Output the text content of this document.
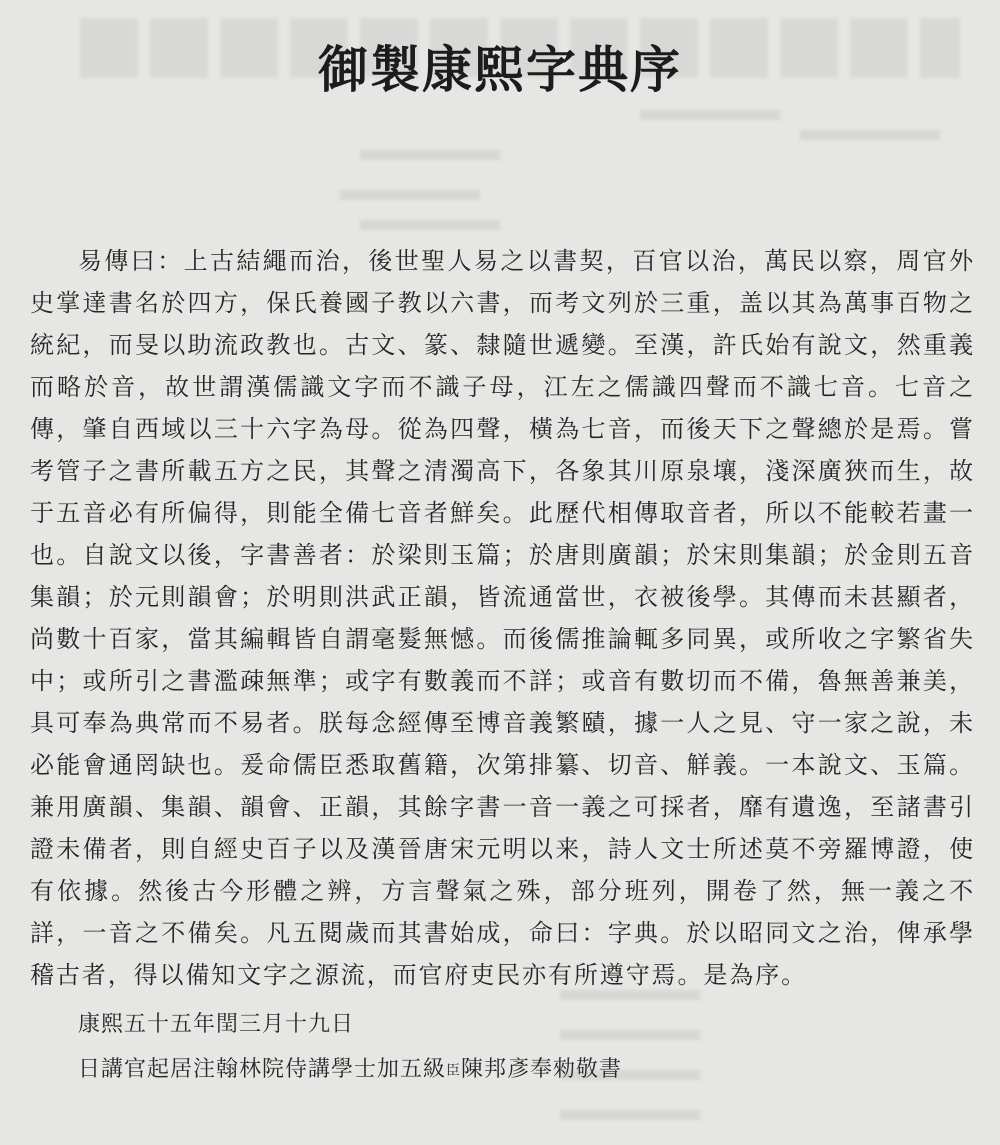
御製康熙字典序

易傳曰：上古結繩而治，後世聖人易之以書契，百官以治，萬民以察，周官外史掌達書名於四方，保氏養國子教以六書，而考文列於三重，盖以其為萬事百物之統紀，而旻以助流政教也。古文、篆、隸隨世遞變。至漢，許氏始有說文，然重義而略於音，故世謂漢儒識文字而不識子母，江左之儒識四聲而不識七音。七音之傳，肇自西域以三十六字為母。從為四聲，橫為七音，而後天下之聲總於是焉。嘗考管子之書所載五方之民，其聲之清濁高下，各象其川原泉壤，淺深廣狹而生，故于五音必有所偏得，則能全備七音者鮮矣。此歷代相傳取音者，所以不能較若畫一也。自說文以後，字書善者：於梁則玉篇；於唐則廣韻；於宋則集韻；於金則五音集韻；於元則韻會；於明則洪武正韻，皆流通當世，衣被後學。其傳而未甚顯者，尚數十百家，當其編輯皆自謂毫髮無憾。而後儒推論輒多同異，或所收之字繁省失中；或所引之書濫疎無準；或字有數義而不詳；或音有數切而不備，魯無善兼美，具可奉為典常而不易者。朕每念經傳至博音義繁賾，據一人之見、守一家之說，未必能會通罔缺也。爰命儒臣悉取舊籍，次第排纂、切音、觧義。一本說文、玉篇。兼用廣韻、集韻、韻會、正韻，其餘字書一音一義之可採者，靡有遺逸，至諸書引證未備者，則自經史百子以及漢晉唐宋元明以来，詩人文士所述莫不旁羅博證，使有依據。然後古今形體之辨，方言聲氣之殊，部分班列，開卷了然，無一義之不詳，一音之不備矣。凡五閱歲而其書始成，命曰：字典。於以昭同文之治，俾承學稽古者，得以備知文字之源流，而官府吏民亦有所遵守焉。是為序。

康熙五十五年閏三月十九日
日講官起居注翰林院侍講學士加五級臣陳邦彥奉勑敬書
